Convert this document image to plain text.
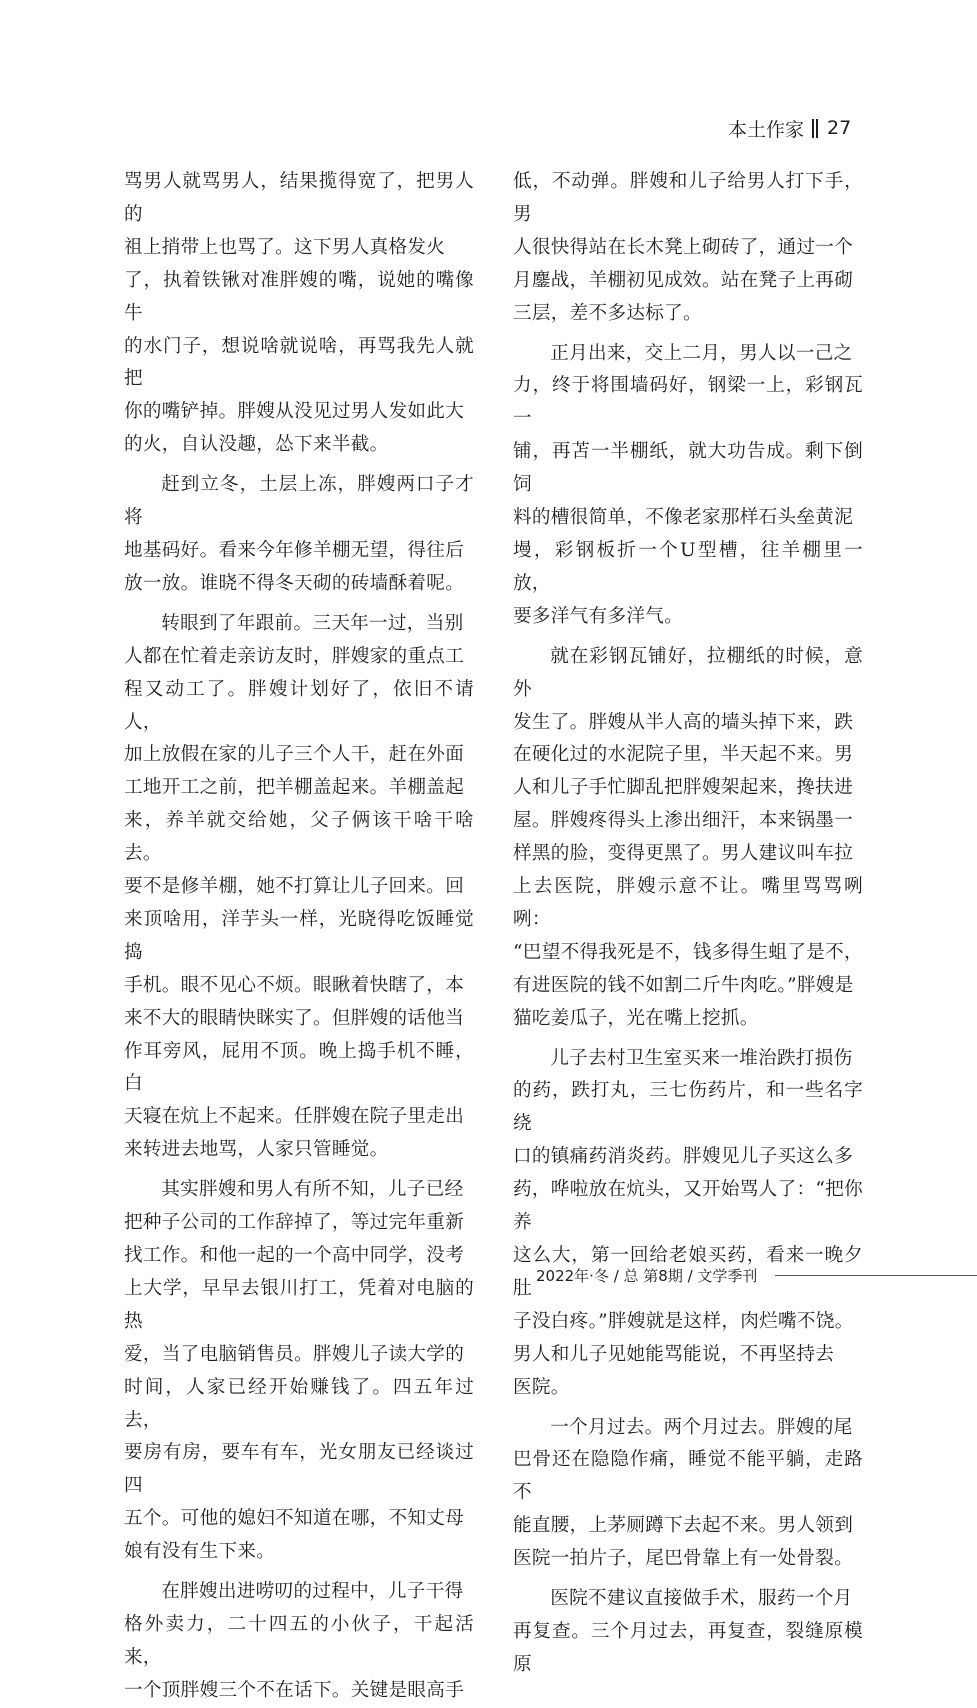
本土作家 27

骂男人就骂男人，结果揽得宽了，把男人的
祖上捎带上也骂了。这下男人真格发火
了，执着铁锹对准胖嫂的嘴，说她的嘴像牛
的水门子，想说啥就说啥，再骂我先人就把
你的嘴铲掉。胖嫂从没见过男人发如此大
的火，自认没趣，怂下来半截。

赶到立冬，土层上冻，胖嫂两口子才将
地基码好。看来今年修羊棚无望，得往后
放一放。谁晓不得冬天砌的砖墙酥着呢。

转眼到了年跟前。三天年一过，当别
人都在忙着走亲访友时，胖嫂家的重点工
程又动工了。胖嫂计划好了，依旧不请人，
加上放假在家的儿子三个人干，赶在外面
工地开工之前，把羊棚盖起来。羊棚盖起
来，养羊就交给她，父子俩该干啥干啥去。
要不是修羊棚，她不打算让儿子回来。回
来顶啥用，洋芋头一样，光晓得吃饭睡觉捣
手机。眼不见心不烦。眼瞅着快瞎了，本
来不大的眼睛快眯实了。但胖嫂的话他当
作耳旁风，屁用不顶。晚上捣手机不睡，白
天寝在炕上不起来。任胖嫂在院子里走出
来转进去地骂，人家只管睡觉。

其实胖嫂和男人有所不知，儿子已经
把种子公司的工作辞掉了，等过完年重新
找工作。和他一起的一个高中同学，没考
上大学，早早去银川打工，凭着对电脑的热
爱，当了电脑销售员。胖嫂儿子读大学的
时间，人家已经开始赚钱了。四五年过去，
要房有房，要车有车，光女朋友已经谈过四
五个。可他的媳妇不知道在哪，不知丈母
娘有没有生下来。

在胖嫂出进唠叨的过程中，儿子干得
格外卖力，二十四五的小伙子，干起活来，
一个顶胖嫂三个不在话下。关键是眼高手

低，不动弹。胖嫂和儿子给男人打下手，男
人很快得站在长木凳上砌砖了，通过一个
月鏖战，羊棚初见成效。站在凳子上再砌
三层，差不多达标了。

正月出来，交上二月，男人以一己之
力，终于将围墙码好，钢梁一上，彩钢瓦一
铺，再苫一半棚纸，就大功告成。剩下倒饲
料的槽很简单，不像老家那样石头垒黄泥
墁，彩钢板折一个U型槽，往羊棚里一放，
要多洋气有多洋气。

就在彩钢瓦铺好，拉棚纸的时候，意外
发生了。胖嫂从半人高的墙头掉下来，跌
在硬化过的水泥院子里，半天起不来。男
人和儿子手忙脚乱把胖嫂架起来，搀扶进
屋。胖嫂疼得头上渗出细汗，本来锅墨一
样黑的脸，变得更黑了。男人建议叫车拉
上去医院，胖嫂示意不让。嘴里骂骂咧咧：
“巴望不得我死是不，钱多得生蛆了是不，
有进医院的钱不如割二斤牛肉吃。”胖嫂是
猫吃姜瓜子，光在嘴上挖抓。

儿子去村卫生室买来一堆治跌打损伤
的药，跌打丸，三七伤药片，和一些名字绕
口的镇痛药消炎药。胖嫂见儿子买这么多
药，哗啦放在炕头，又开始骂人了：“把你养
这么大，第一回给老娘买药，看来一晚夕肚
子没白疼。”胖嫂就是这样，肉烂嘴不饶。
男人和儿子见她能骂能说，不再坚持去
医院。

一个月过去。两个月过去。胖嫂的尾
巴骨还在隐隐作痛，睡觉不能平躺，走路不
能直腰，上茅厕蹲下去起不来。男人领到
医院一拍片子，尾巴骨靠上有一处骨裂。

医院不建议直接做手术，服药一个月
再复查。三个月过去，再复查，裂缝原模原

2022年·冬 / 总 第8期 / 文学季刊
